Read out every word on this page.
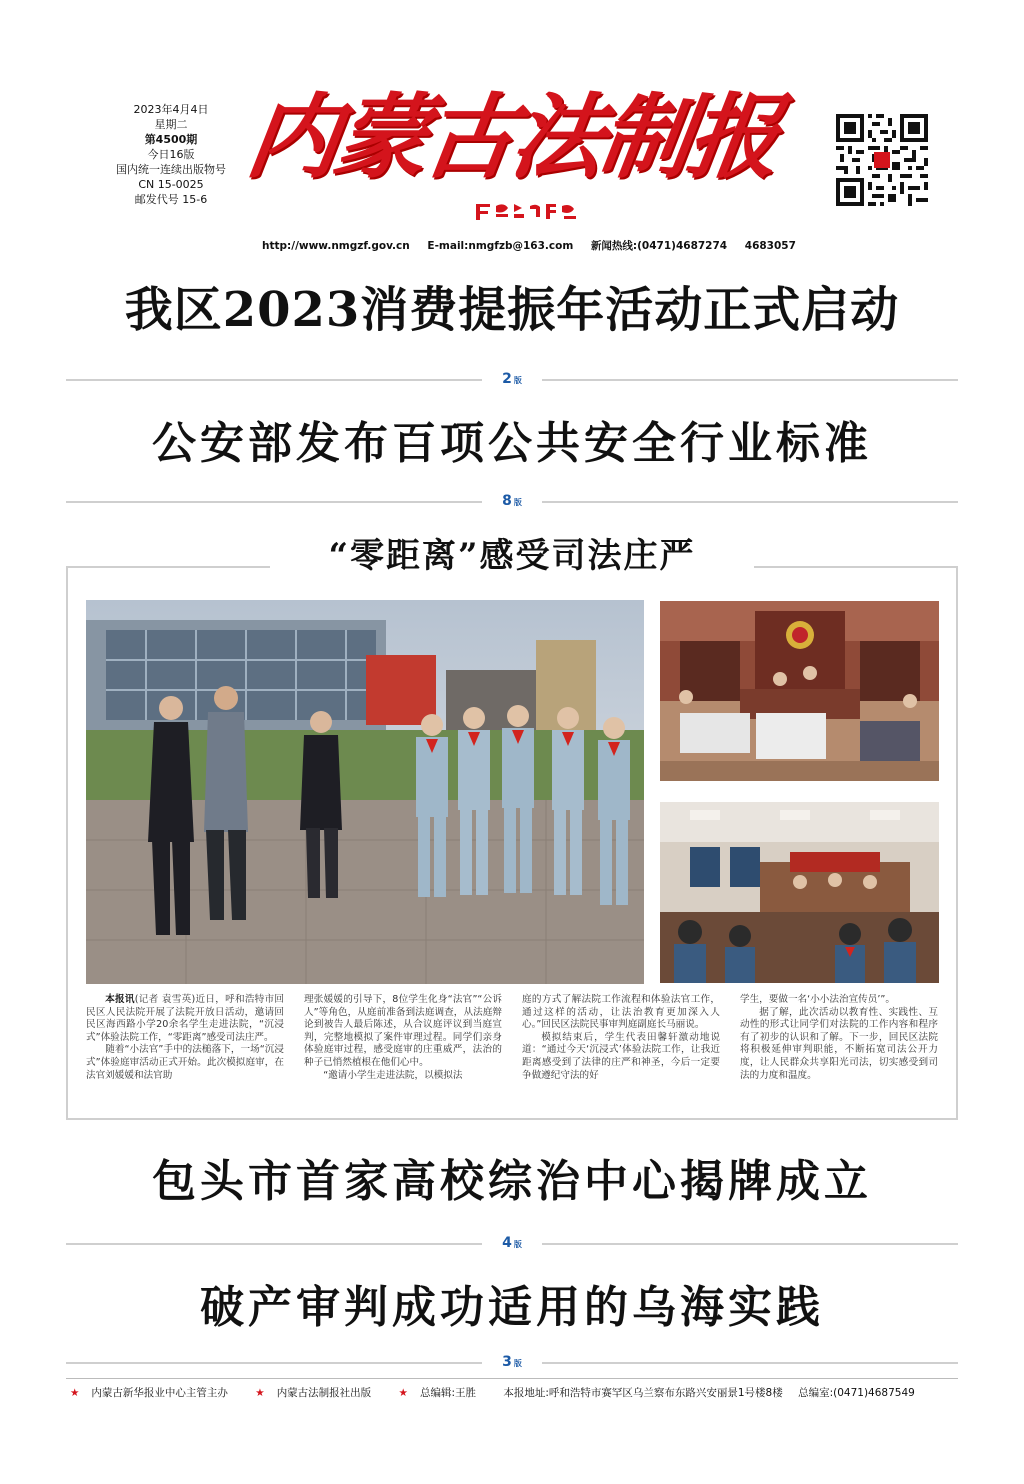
2023年4月4日
星期二
第4500期
今日16版
国内统一连续出版物号
CN 15-0025
邮发代号 15-6
内蒙古法制报
http://www.nmgzf.gov.cn E-mail:nmgfzb@163.com 新闻热线:(0471)4687274 4683057
我区2023消费提振年活动正式启动
2 版
公安部发布百项公共安全行业标准
8 版
“零距离”感受司法庄严

本报讯(记者 袁雪英)近日，呼和浩特市回民区人民法院开展了法院开放日活动，邀请回民区海西路小学20余名学生走进法院，“沉浸式”体验法院工作，“零距离”感受司法庄严。

随着“小法官”手中的法槌落下，一场“沉浸式”体验庭审活动正式开始。此次模拟庭审，在法官刘媛媛和法官助

理张媛媛的引导下，8位学生化身“法官”“公诉人”等角色，从庭前准备到法庭调查，从法庭辩论到被告人最后陈述，从合议庭评议到当庭宣判，完整地模拟了案件审理过程。同学们亲身体验庭审过程，感受庭审的庄重威严，法治的种子已悄然植根在他们心中。

“邀请小学生走进法院，以模拟法

庭的方式了解法院工作流程和体验法官工作，通过这样的活动，让法治教育更加深入人心。”回民区法院民事审判庭副庭长马丽说。

模拟结束后，学生代表田馨轩激动地说道：“通过今天‘沉浸式’体验法院工作，让我近距离感受到了法律的庄严和神圣，今后一定要争做遵纪守法的好

学生，要做一名‘小小法治宣传员’”。

据了解，此次活动以教育性、实践性、互动性的形式让同学们对法院的工作内容和程序有了初步的认识和了解。下一步，回民区法院将积极延伸审判职能，不断拓宽司法公开力度，让人民群众共享阳光司法，切实感受到司法的力度和温度。

包头市首家高校综治中心揭牌成立
4 版
破产审判成功适用的乌海实践
3 版
★ 内蒙古新华报业中心主管主办	★ 内蒙古法制报社出版	★ 总编辑:王胜	本报地址:呼和浩特市赛罕区乌兰察布东路兴安丽景1号楼8楼 总编室:(0471)4687549
